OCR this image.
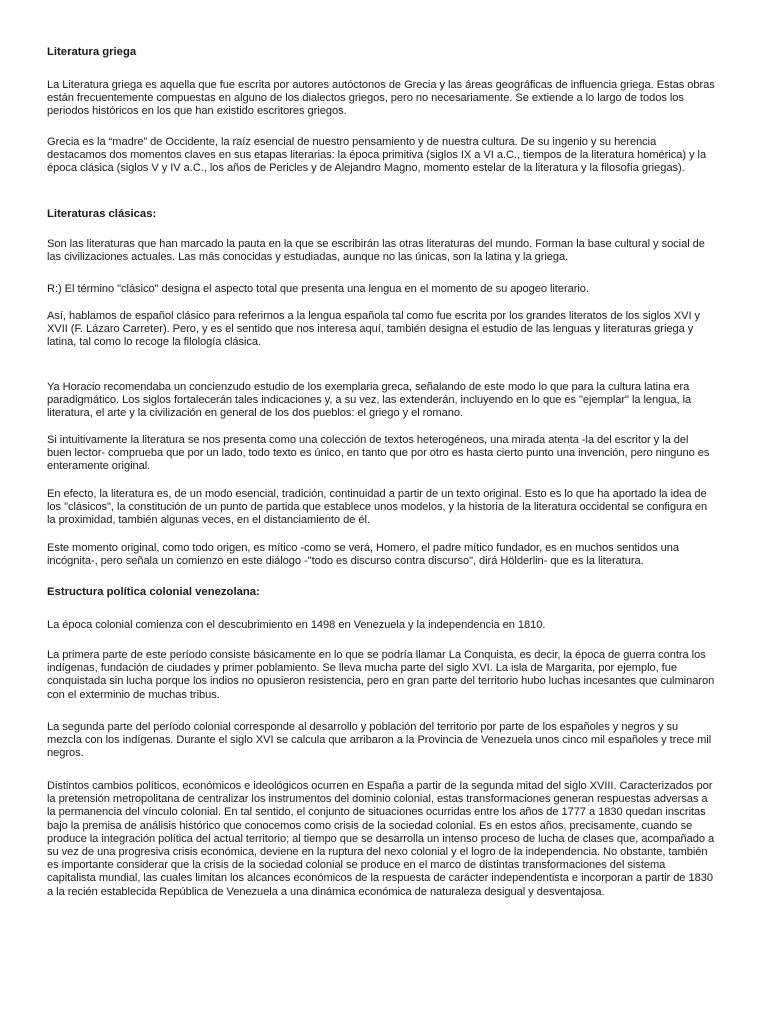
Literatura griega

La Literatura griega es aquella que fue escrita por autores autóctonos de Grecia y las áreas geográficas de influencia griega. Estas obras están frecuentemente compuestas en alguno de los dialectos griegos, pero no necesariamente. Se extiende a lo largo de todos los periodos históricos en los que han existido escritores griegos.

Grecia es la “madre” de Occidente, la raíz esencial de nuestro pensamiento y de nuestra cultura. De su ingenio y su herencia destacamos dos momentos claves en sus etapas literarias: la época primitiva (siglos IX a VI a.C., tiempos de la literatura homérica) y la época clásica (siglos V y IV a.C., los años de Pericles y de Alejandro Magno, momento estelar de la literatura y la filosofía griegas).

Literaturas clásicas:

Son las literaturas que han marcado la pauta en la que se escribirán las otras literaturas del mundo. Forman la base cultural y social de las civilizaciones actuales. Las más conocidas y estudiadas, aunque no las únicas, son la latina y la griega.

R:) El término "clásico" designa el aspecto total que presenta una lengua en el momento de su apogeo literario.

Así, hablamos de español clásico para referirnos a la lengua española tal como fue escrita por los grandes literatos de los siglos XVI y XVII (F. Lázaro Carreter). Pero, y es el sentido que nos interesa aquí, también designa el estudio de las lenguas y literaturas griega y latina, tal como lo recoge la filología clásica.

Ya Horacio recomendaba un concienzudo estudio de los exemplaria greca, señalando de este modo lo que para la cultura latina era paradigmático. Los siglos fortalecerán tales indicaciones y, a su vez, las extenderán, incluyendo en lo que es "ejemplar" la lengua, la literatura, el arte y la civilización en general de los dos pueblos: el griego y el romano.

Si intuitivamente la literatura se nos presenta como una colección de textos heterogéneos, una mirada atenta -la del escritor y la del buen lector- comprueba que por un lado, todo texto es único, en tanto que por otro es hasta cierto punto una invención, pero ninguno es enteramente original.

En efecto, la literatura es, de un modo esencial, tradición, continuidad a partir de un texto original. Esto es lo que ha aportado la idea de los "clásicos", la constitución de un punto de partida que establece unos modelos, y la historia de la literatura occidental se configura en la proximidad, también algunas veces, en el distanciamiento de él.

Este momento original, como todo origen, es mítico -como se verá, Homero, el padre mítico fundador, es en muchos sentidos una incógnita-, pero señala un comienzo en este diálogo -"todo es discurso contra discurso", dirá Hölderlin- que es la literatura.

Estructura política colonial venezolana:

La época colonial comienza con el descubrimiento en 1498 en Venezuela y la independencia en 1810.

La primera parte de este período consiste básicamente en lo que se podría llamar La Conquista, es decir, la época de guerra contra los indígenas, fundación de ciudades y primer poblamiento. Se lleva mucha parte del siglo XVI. La isla de Margarita, por ejemplo, fue conquistada sin lucha porque los indios no opusieron resistencia, pero en gran parte del territorio hubo luchas incesantes que culminaron con el exterminio de muchas tribus.

La segunda parte del período colonial corresponde al desarrollo y población del territorio por parte de los españoles y negros y su mezcla con los indígenas. Durante el siglo XVI se calcula que arribaron a la Provincia de Venezuela unos cinco mil españoles y trece mil negros.

Distintos cambios políticos, económicos e ideológicos ocurren en España a partir de la segunda mitad del siglo XVIII. Caracterizados por la pretensión metropolitana de centralizar los instrumentos del dominio colonial, estas transformaciones generan respuestas adversas a la permanencia del vínculo colonial. En tal sentido, el conjunto de situaciones ocurridas entre los años de 1777 a 1830 quedan inscritas bajo la premisa de análisis histórico que conocemos como crisis de la sociedad colonial. Es en estos años, precisamente, cuando se produce la integración política del actual territorio; al tiempo que se desarrolla un intenso proceso de lucha de clases que, acompañado a su vez de una progresiva crisis económica, deviene en la ruptura del nexo colonial y el logro de la independencia. No obstante, también es importante considerar que la crisis de la sociedad colonial se produce en el marco de distintas transformaciones del sistema capitalista mundial, las cuales limitan los alcances económicos de la respuesta de carácter independentista e incorporan a partir de 1830 a la recién establecida República de Venezuela a una dinámica económica de naturaleza desigual y desventajosa.
